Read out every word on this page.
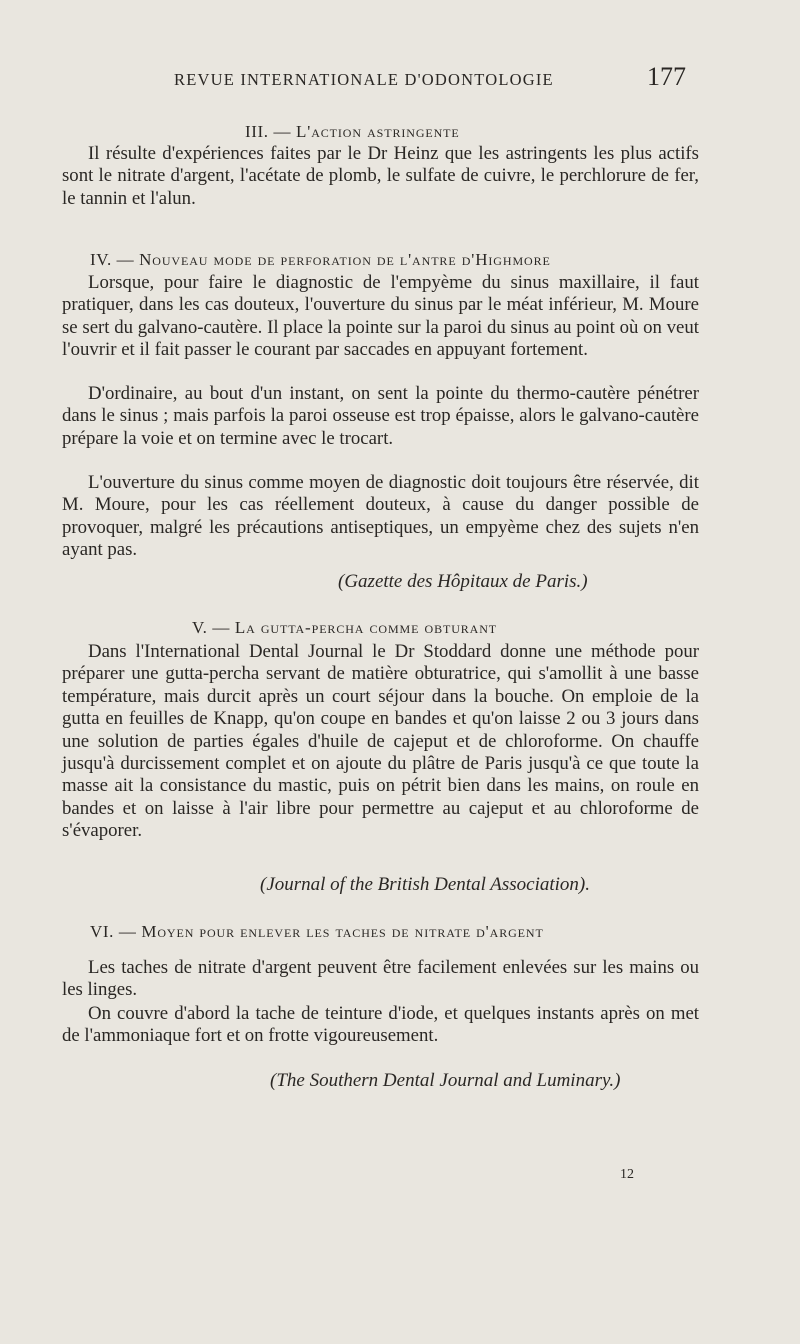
REVUE INTERNATIONALE D'ODONTOLOGIE	177
III. — L'action astringente

Il résulte d'expériences faites par le Dr Heinz que les astringents les plus actifs sont le nitrate d'argent, l'acétate de plomb, le sulfate de cuivre, le perchlorure de fer, le tannin et l'alun.

IV. — Nouveau mode de perforation de l'antre d'Highmore

Lorsque, pour faire le diagnostic de l'empyème du sinus maxillaire, il faut pratiquer, dans les cas douteux, l'ouverture du sinus par le méat inférieur, M. Moure se sert du galvano-cautère. Il place la pointe sur la paroi du sinus au point où on veut l'ouvrir et il fait passer le courant par saccades en appuyant fortement.

D'ordinaire, au bout d'un instant, on sent la pointe du thermo-cautère pénétrer dans le sinus ; mais parfois la paroi osseuse est trop épaisse, alors le galvano-cautère prépare la voie et on termine avec le trocart.

L'ouverture du sinus comme moyen de diagnostic doit toujours être réservée, dit M. Moure, pour les cas réellement douteux, à cause du danger possible de provoquer, malgré les précautions antiseptiques, un empyème chez des sujets n'en ayant pas.

(Gazette des Hôpitaux de Paris.)
V. — La gutta-percha comme obturant

Dans l'International Dental Journal le Dr Stoddard donne une méthode pour préparer une gutta-percha servant de matière obturatrice, qui s'amollit à une basse température, mais durcit après un court séjour dans la bouche. On emploie de la gutta en feuilles de Knapp, qu'on coupe en bandes et qu'on laisse 2 ou 3 jours dans une solution de parties égales d'huile de cajeput et de chloroforme. On chauffe jusqu'à durcissement complet et on ajoute du plâtre de Paris jusqu'à ce que toute la masse ait la consistance du mastic, puis on pétrit bien dans les mains, on roule en bandes et on laisse à l'air libre pour permettre au cajeput et au chloroforme de s'évaporer.

(Journal of the British Dental Association).
VI. — Moyen pour enlever les taches de nitrate d'argent

Les taches de nitrate d'argent peuvent être facilement enlevées sur les mains ou les linges.

On couvre d'abord la tache de teinture d'iode, et quelques instants après on met de l'ammoniaque fort et on frotte vigoureusement.

(The Southern Dental Journal and Luminary.)
12
